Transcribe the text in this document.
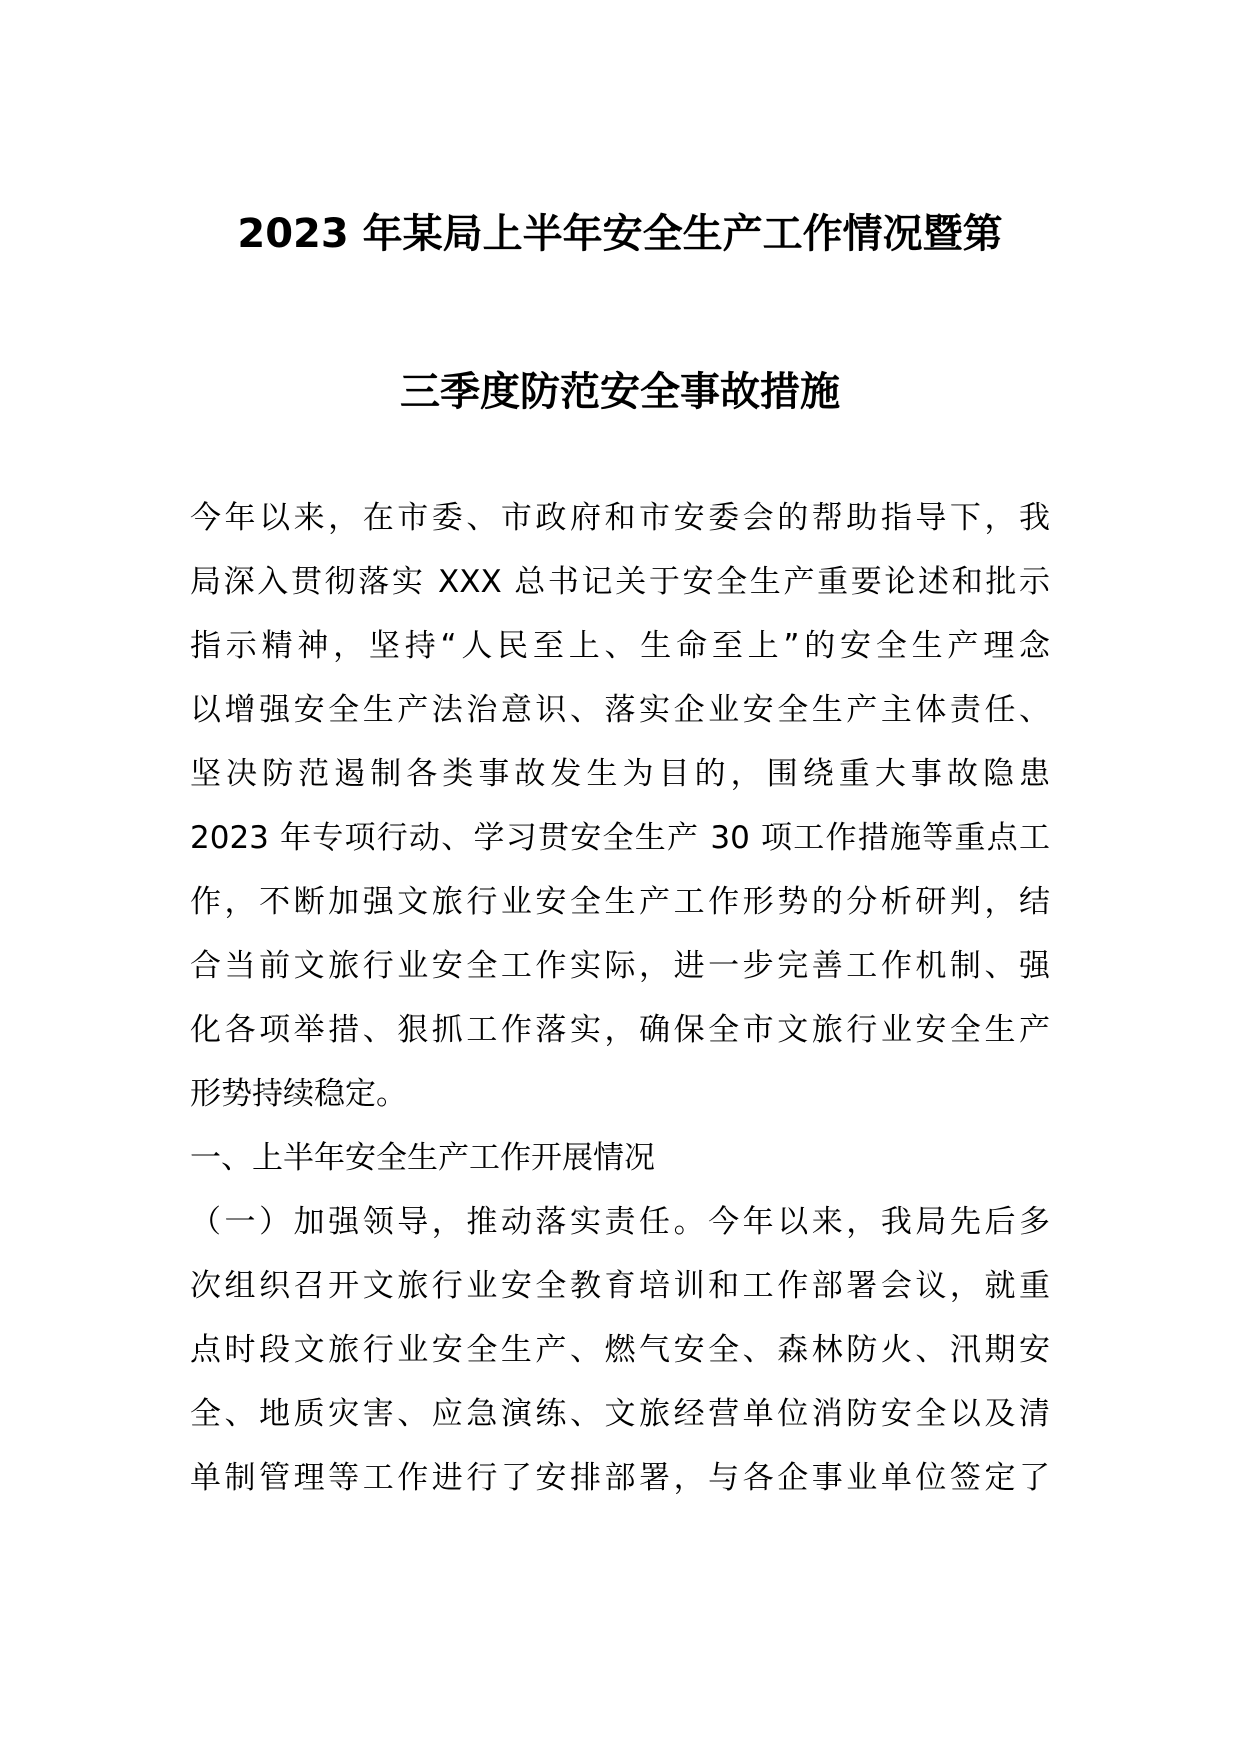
2023 年某局上半年安全生产工作情况暨第
三季度防范安全事故措施
今年以来，在市委、市政府和市安委会的帮助指导下，我
局深入贯彻落实 XXX 总书记关于安全生产重要论述和批示
指示精神，坚持“人民至上、生命至上”的安全生产理念
以增强安全生产法治意识、落实企业安全生产主体责任、
坚决防范遏制各类事故发生为目的，围绕重大事故隐患
2023 年专项行动、学习贯安全生产 30 项工作措施等重点工
作，不断加强文旅行业安全生产工作形势的分析研判，结
合当前文旅行业安全工作实际，进一步完善工作机制、强
化各项举措、狠抓工作落实，确保全市文旅行业安全生产
形势持续稳定。
一、上半年安全生产工作开展情况
（一）加强领导，推动落实责任。今年以来，我局先后多
次组织召开文旅行业安全教育培训和工作部署会议，就重
点时段文旅行业安全生产、燃气安全、森林防火、汛期安
全、地质灾害、应急演练、文旅经营单位消防安全以及清
单制管理等工作进行了安排部署，与各企事业单位签定了
